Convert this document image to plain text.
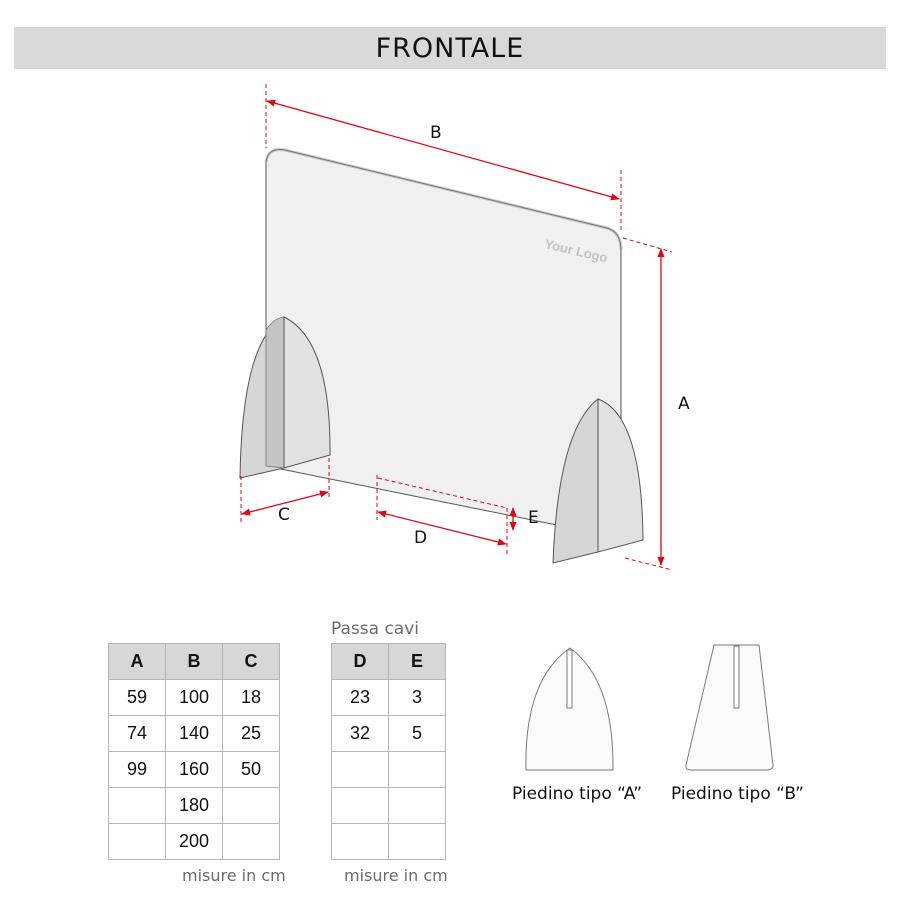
FRONTALE
Your Logo
B
A
C
D
E
Passa cavi
A	B	C
59	100	18
74	140	25
99	160	50
	180	
	200	
misure in cm
D	E
23	3
32	5

misure in cm
Piedino tipo “A” Piedino tipo “B”
